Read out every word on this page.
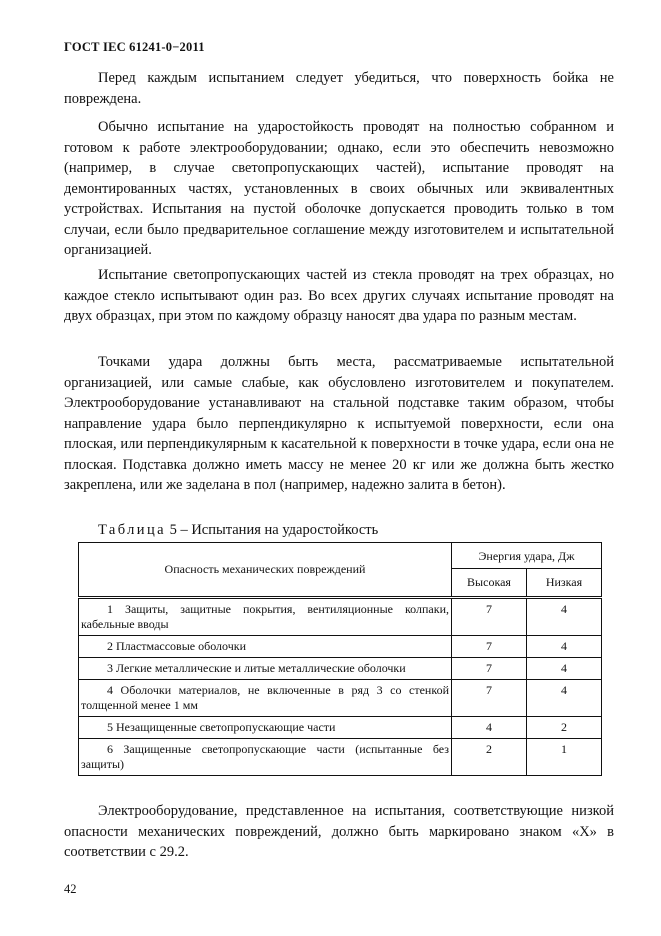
ГОСТ IEC 61241-0−2011

Перед каждым испытанием следует убедиться, что поверхность бойка не повреждена.

Обычно испытание на ударостойкость проводят на полностью собранном и готовом к работе электрооборудовании; однако, если это обеспечить невозможно (например, в случае светопропускающих частей), испытание проводят на демонтированных частях, установленных в своих обычных или эквивалентных устройствах. Испытания на пустой оболочке допускается проводить только в том случаи, если было предварительное соглашение между изготовителем и испытательной организацией.

Испытание светопропускающих частей из стекла проводят на трех образцах, но каждое стекло испытывают один раз. Во всех других случаях испытание проводят на двух образцах, при этом по каждому образцу наносят два удара по разным местам.

Точками удара должны быть места, рассматриваемые испытательной организацией, или самые слабые, как обусловлено изготовителем и покупателем. Электрооборудование устанавливают на стальной подставке таким образом, чтобы направление удара было перпендикулярно к испытуемой поверхности, если она плоская, или перпендикулярным к касательной к поверхности в точке удара, если она не плоская. Подставка должно иметь массу не менее 20 кг или же должна быть жестко закреплена, или же заделана в пол (например, надежно залита в бетон).

Таблица 5 – Испытания на ударостойкость
Опасность механических повреждений	Энергия удара, Дж	
	Высокая	Низкая
1 Защиты, защитные покрытия, вентиляционные колпаки, кабельные вводы	7	4
2 Пластмассовые оболочки	7	4
3 Легкие металлические и литые металлические оболочки	7	4
4 Оболочки материалов, не включенные в ряд 3 со стенкой толщенной менее 1 мм	7	4
5 Незащищенные светопропускающие части	4	2
6 Защищенные светопропускающие части (испытанные без защиты)	2	1

Электрооборудование, представленное на испытания, соответствующие низкой опасности механических повреждений, должно быть маркировано знаком «X» в соответствии с 29.2.

42
